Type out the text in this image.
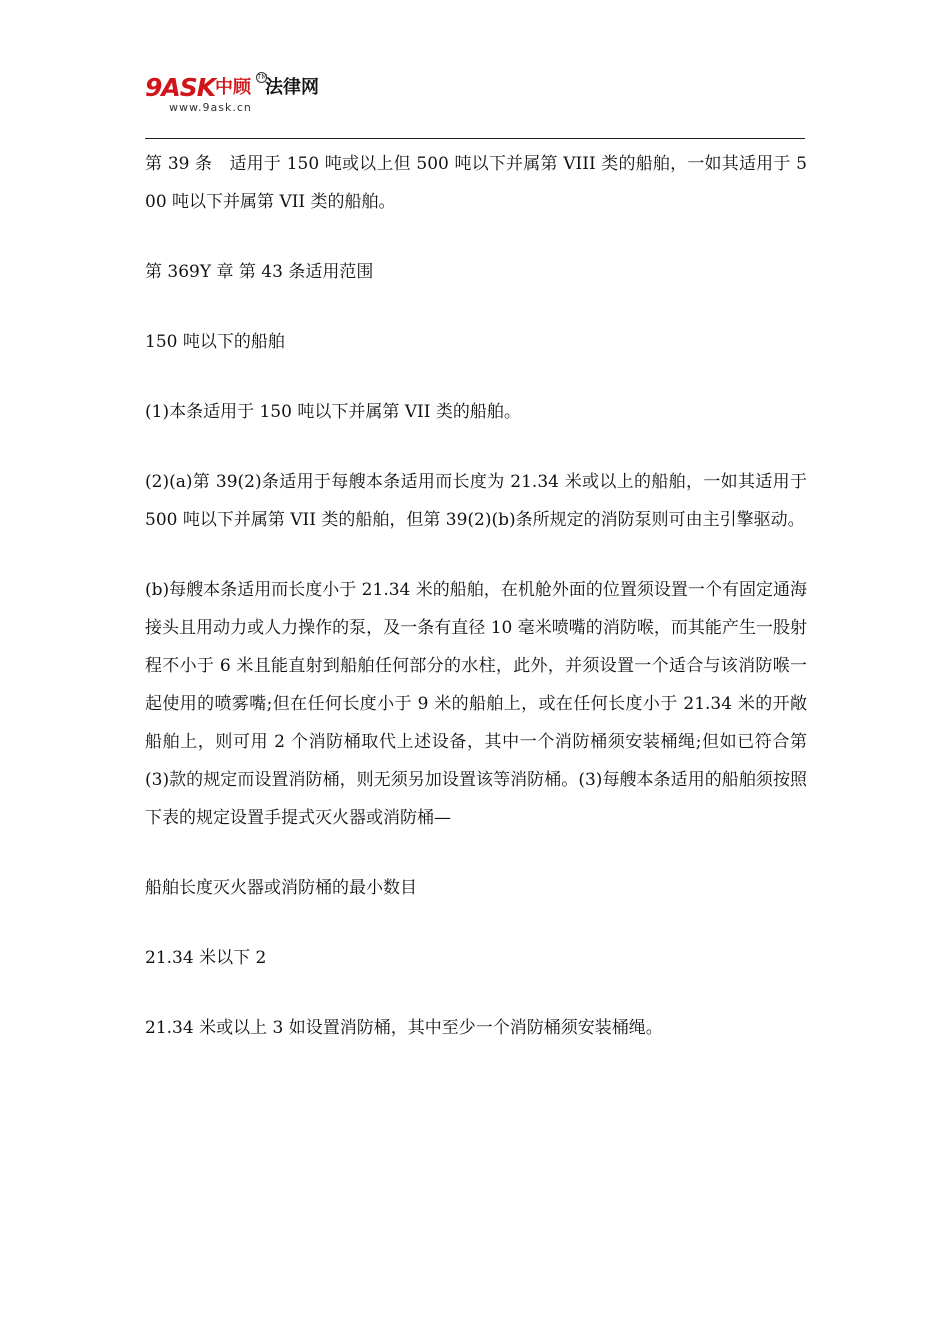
9ASK 中顾 TM
法律网
www.9ask.cn

第 39 条　适用于 150 吨或以上但 500 吨以下并属第 VIII 类的船舶，一如其适用于 500 吨以下并属第 VII 类的船舶。

第 369Y 章 第 43 条适用范围

150 吨以下的船舶

(1)本条适用于 150 吨以下并属第 VII 类的船舶。

(2)(a)第 39(2)条适用于每艘本条适用而长度为 21.34 米或以上的船舶，一如其适用于 500 吨以下并属第 VII 类的船舶，但第 39(2)(b)条所规定的消防泵则可由主引擎驱动。

(b)每艘本条适用而长度小于 21.34 米的船舶，在机舱外面的位置须设置一个有固定通海接头且用动力或人力操作的泵，及一条有直径 10 毫米喷嘴的消防喉，而其能产生一股射程不小于 6 米且能直射到船舶任何部分的水柱，此外，并须设置一个适合与该消防喉一起使用的喷雾嘴;但在任何长度小于 9 米的船舶上，或在任何长度小于 21.34 米的开敞船舶上，则可用 2 个消防桶取代上述设备，其中一个消防桶须安装桶绳;但如已符合第(3)款的规定而设置消防桶，则无须另加设置该等消防桶。(3)每艘本条适用的船舶须按照下表的规定设置手提式灭火器或消防桶—

船舶长度灭火器或消防桶的最小数目

21.34 米以下 2

21.34 米或以上 3 如设置消防桶，其中至少一个消防桶须安装桶绳。
